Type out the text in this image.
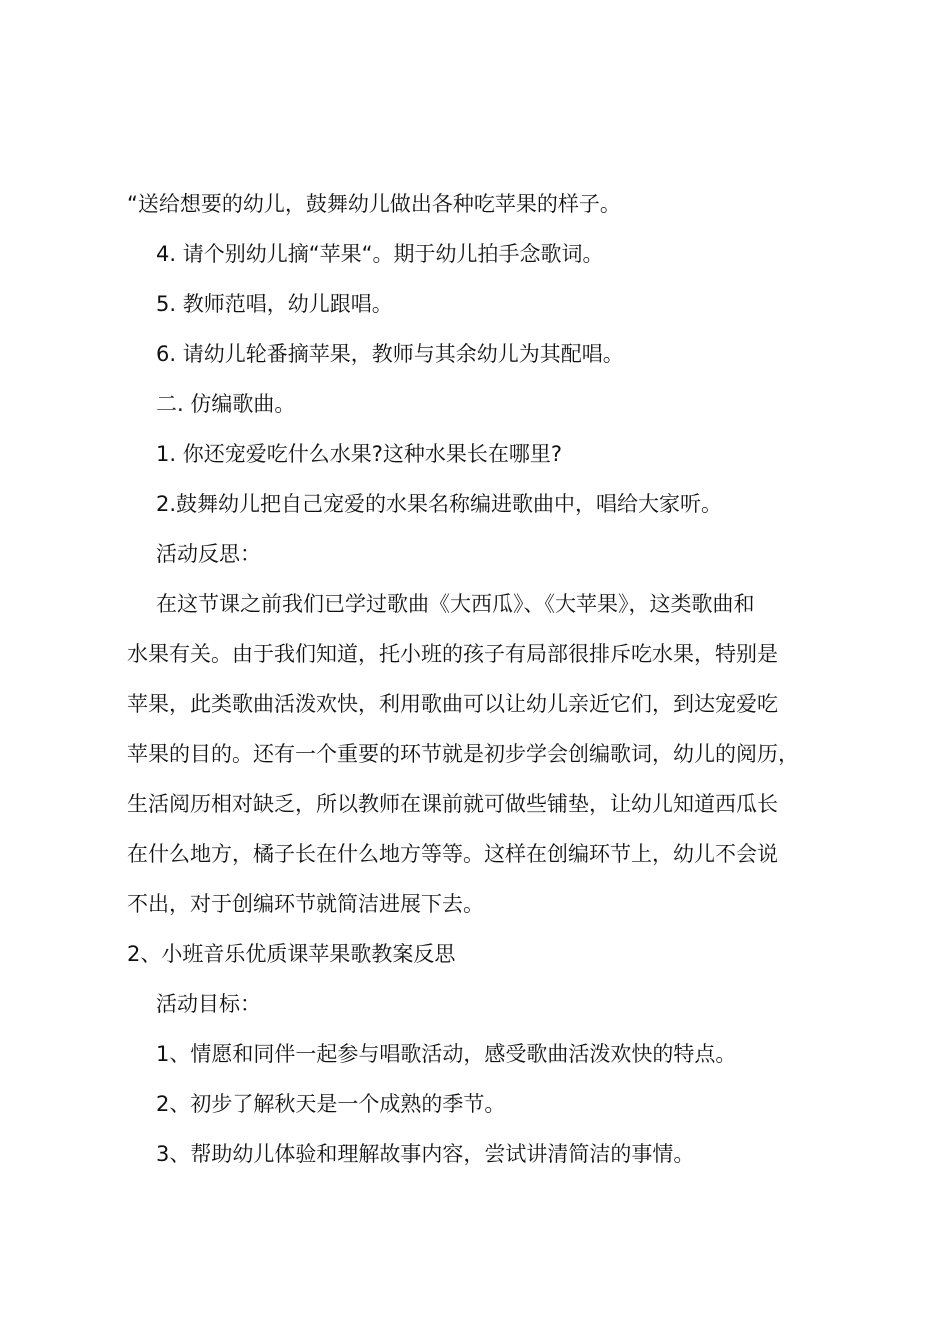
“送给想要的幼儿，鼓舞幼儿做出各种吃苹果的样子。
4. 请个别幼儿摘“苹果“。期于幼儿拍手念歌词。
5. 教师范唱，幼儿跟唱。
6. 请幼儿轮番摘苹果，教师与其余幼儿为其配唱。
二. 仿编歌曲。
1. 你还宠爱吃什么水果?这种水果长在哪里?
2.鼓舞幼儿把自己宠爱的水果名称编进歌曲中，唱给大家听。
活动反思：
在这节课之前我们已学过歌曲《大西瓜》、《大苹果》，这类歌曲和
水果有关。由于我们知道，托小班的孩子有局部很排斥吃水果，特别是
苹果，此类歌曲活泼欢快，利用歌曲可以让幼儿亲近它们，到达宠爱吃
苹果的目的。还有一个重要的环节就是初步学会创编歌词，幼儿的阅历，
生活阅历相对缺乏，所以教师在课前就可做些铺垫，让幼儿知道西瓜长
在什么地方，橘子长在什么地方等等。这样在创编环节上，幼儿不会说
不出，对于创编环节就简洁进展下去。
2、小班音乐优质课苹果歌教案反思
活动目标：
1、情愿和同伴一起参与唱歌活动，感受歌曲活泼欢快的特点。
2、初步了解秋天是一个成熟的季节。
3、帮助幼儿体验和理解故事内容，尝试讲清简洁的事情。
